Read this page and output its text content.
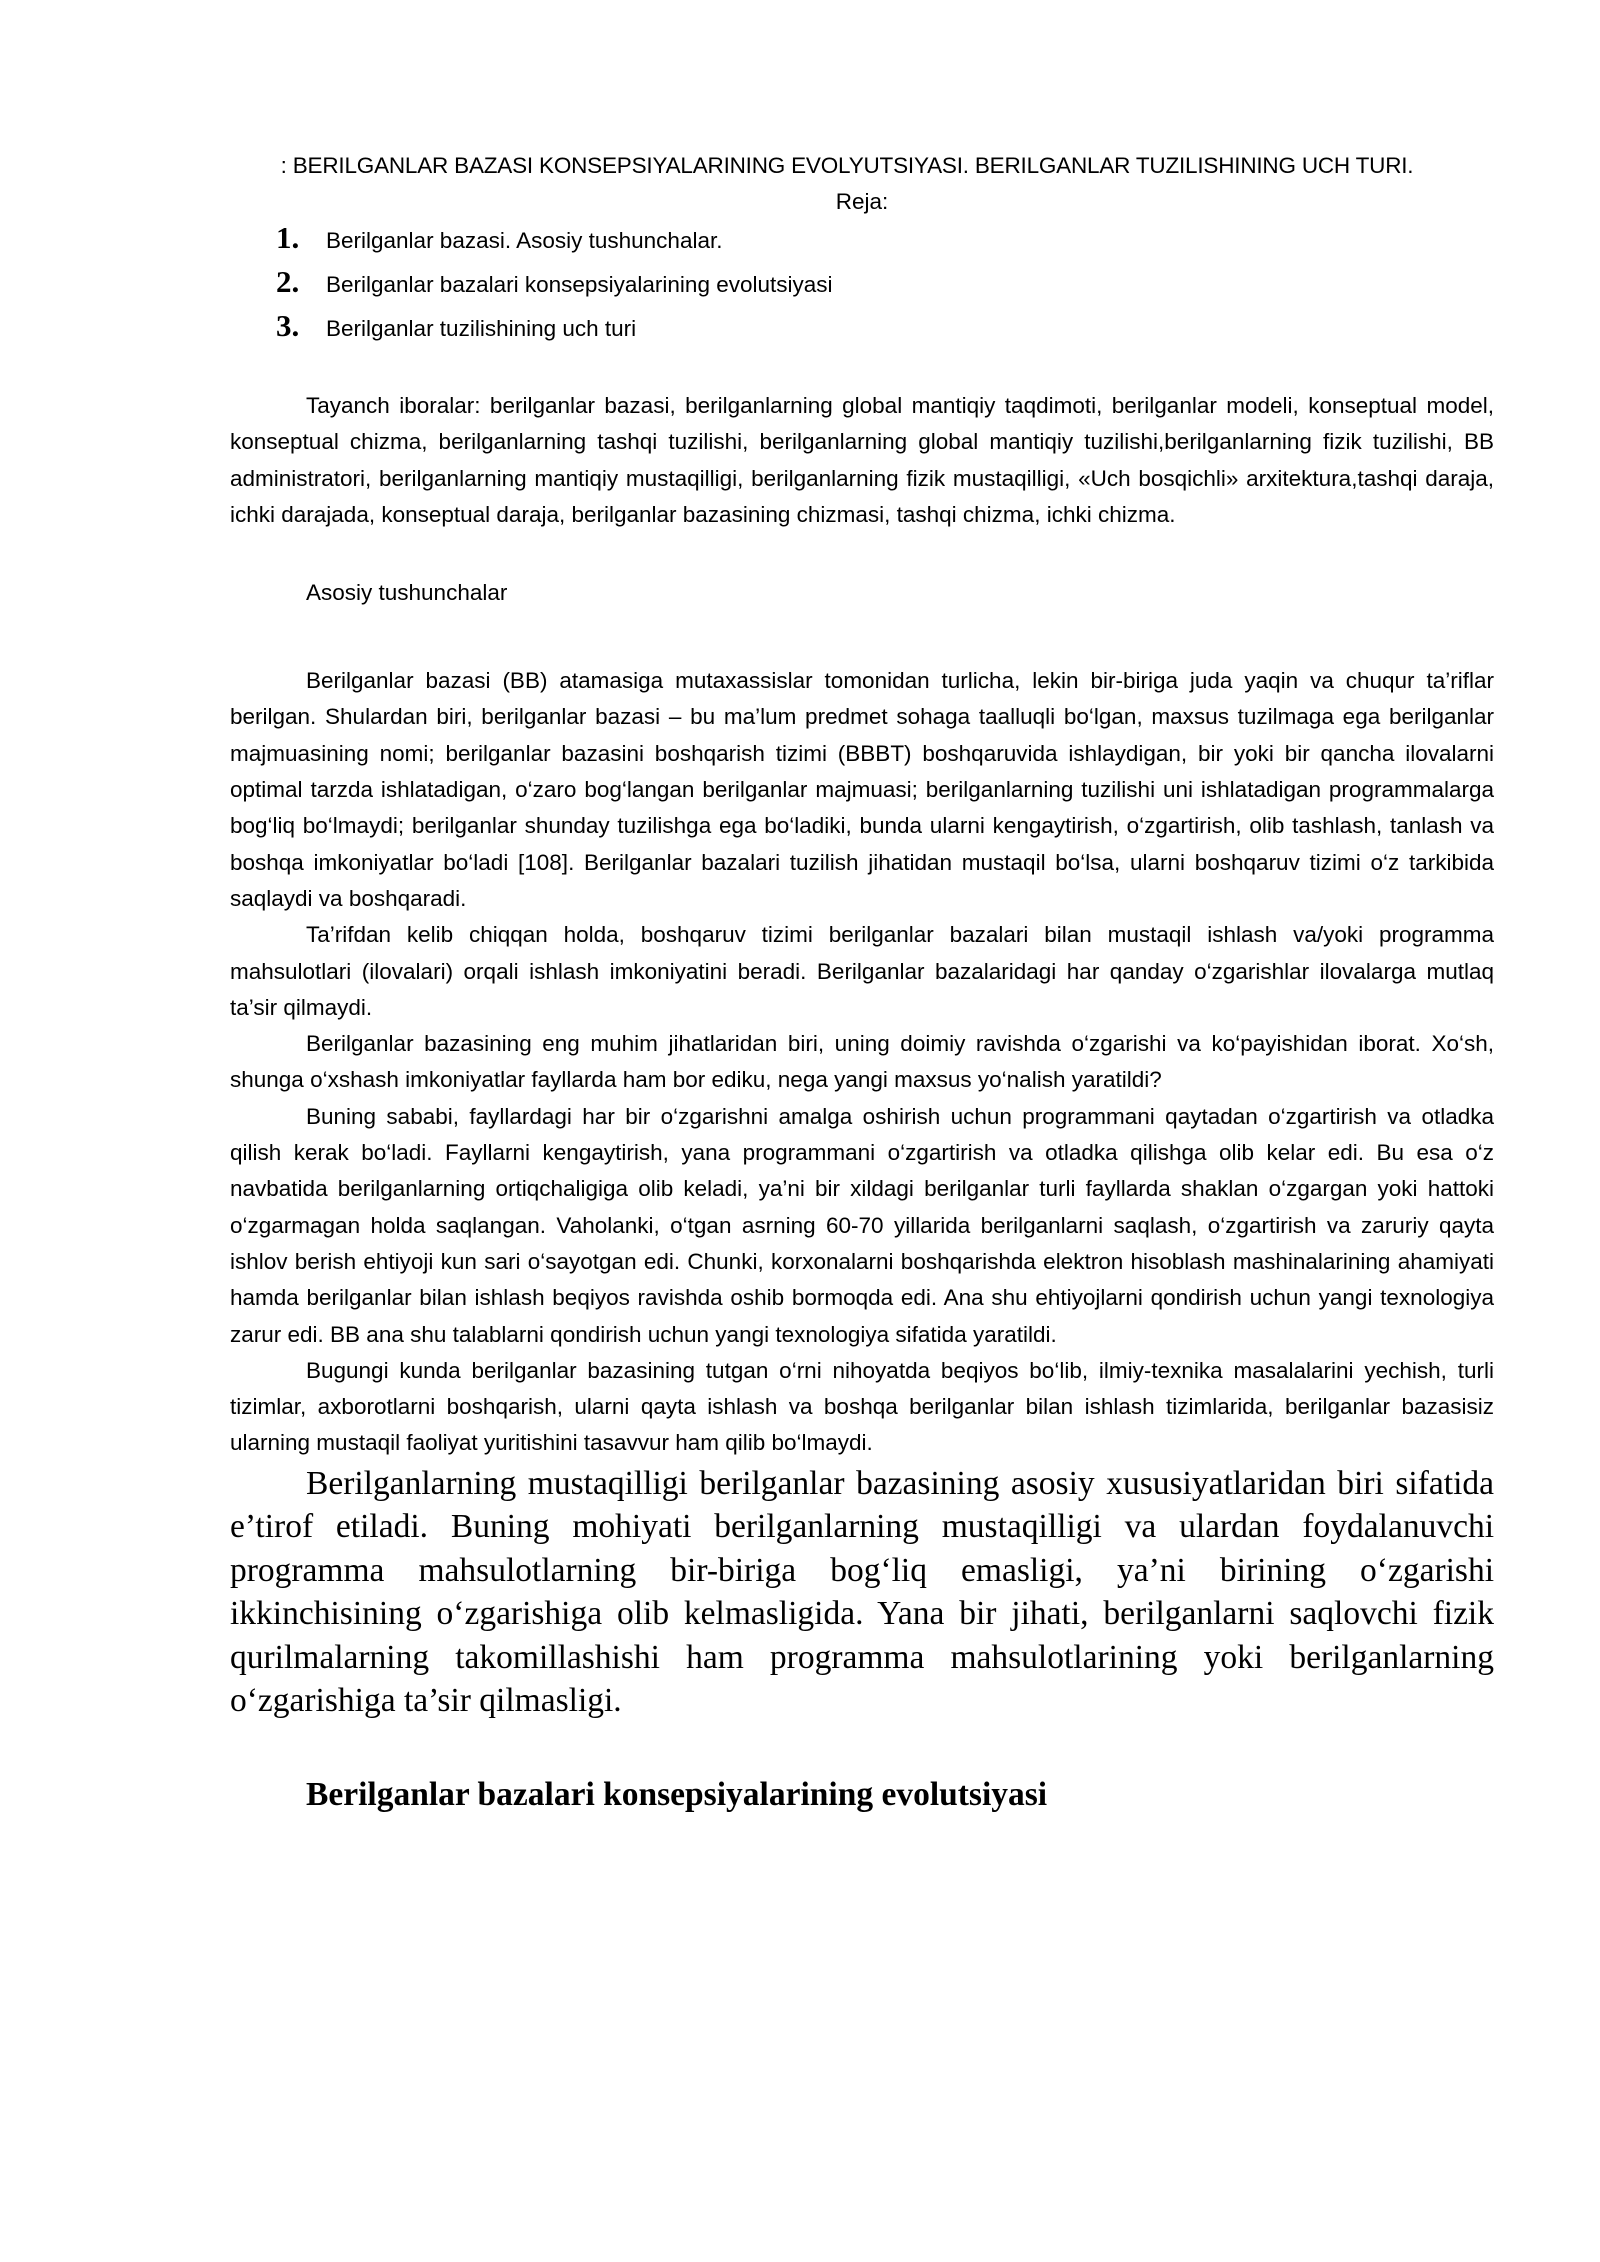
: BERILGANLAR BAZASI KONSEPSIYALARINING EVOLYUTSIYASI. BERILGANLAR TUZILISHINING UCH TURI.
Reja:
1.	Berilganlar bazasi. Asosiy tushunchalar.
2.	Berilganlar bazalari konsepsiyalarining evolutsiyasi
3.	Berilganlar tuzilishining uch turi

Tayanch iboralar: berilganlar bazasi, berilganlarning global mantiqiy taqdimoti, berilganlar modeli, konseptual model, konseptual chizma, berilganlarning tashqi tuzilishi, berilganlarning global mantiqiy tuzilishi,berilganlarning fizik tuzilishi, BB administratori, berilganlarning mantiqiy mustaqilligi, berilganlarning fizik mustaqilligi, «Uch bosqichli» arxitektura,tashqi daraja, ichki darajada, konseptual daraja, berilganlar bazasining chizmasi, tashqi chizma, ichki chizma.

Asosiy tushunchalar

Berilganlar bazasi (BB) atamasiga mutaxassislar tomonidan turlicha, lekin bir-biriga juda yaqin va chuqur ta’riflar berilgan. Shulardan biri, berilganlar bazasi – bu ma’lum predmet sohaga taalluqli bo‘lgan, maxsus tuzilmaga ega berilganlar majmuasining nomi; berilganlar bazasini boshqarish tizimi (BBBT) boshqaruvida ishlaydigan, bir yoki bir qancha ilovalarni optimal tarzda ishlatadigan, o‘zaro bog‘langan berilganlar majmuasi; berilganlarning tuzilishi uni ishlatadigan programmalarga bog‘liq bo‘lmaydi; berilganlar shunday tuzilishga ega bo‘ladiki, bunda ularni kengaytirish, o‘zgartirish, olib tashlash, tanlash va boshqa imkoniyatlar bo‘ladi [108]. Berilganlar bazalari tuzilish jihatidan mustaqil bo‘lsa, ularni boshqaruv tizimi o‘z tarkibida saqlaydi va boshqaradi.

Ta’rifdan kelib chiqqan holda, boshqaruv tizimi berilganlar bazalari bilan mustaqil ishlash va/yoki programma mahsulotlari (ilovalari) orqali ishlash imkoniyatini beradi. Berilganlar bazalaridagi har qanday o‘zgarishlar ilovalarga mutlaq ta’sir qilmaydi.

Berilganlar bazasining eng muhim jihatlaridan biri, uning doimiy ravishda o‘zgarishi va ko‘payishidan iborat. Xo‘sh, shunga o‘xshash imkoniyatlar fayllarda ham bor ediku, nega yangi maxsus yo‘nalish yaratildi?

Buning sababi, fayllardagi har bir o‘zgarishni amalga oshirish uchun programmani qaytadan o‘zgartirish va otladka qilish kerak bo‘ladi. Fayllarni kengaytirish, yana programmani o‘zgartirish va otladka qilishga olib kelar edi. Bu esa o‘z navbatida berilganlarning ortiqchaligiga olib keladi, ya’ni bir xildagi berilganlar turli fayllarda shaklan o‘zgargan yoki hattoki o‘zgarmagan holda saqlangan. Vaholanki, o‘tgan asrning 60-70 yillarida berilganlarni saqlash, o‘zgartirish va zaruriy qayta ishlov berish ehtiyoji kun sari o‘sayotgan edi. Chunki, korxonalarni boshqarishda elektron hisoblash mashinalarining ahamiyati hamda berilganlar bilan ishlash beqiyos ravishda oshib bormoqda edi. Ana shu ehtiyojlarni qondirish uchun yangi texnologiya zarur edi. BB ana shu talablarni qondirish uchun yangi texnologiya sifatida yaratildi.

Bugungi kunda berilganlar bazasining tutgan o‘rni nihoyatda beqiyos bo‘lib, ilmiy-texnika masalalarini yechish, turli tizimlar, axborotlarni boshqarish, ularni qayta ishlash va boshqa berilganlar bilan ishlash tizimlarida, berilganlar bazasisiz ularning mustaqil faoliyat yuritishini tasavvur ham qilib bo‘lmaydi.

Berilganlarning mustaqilligi berilganlar bazasining asosiy xususiyatlaridan biri sifatida e’tirof etiladi. Buning mohiyati berilganlarning mustaqilligi va ulardan foydalanuvchi programma mahsulotlarning bir-biriga bog‘liq emasligi, ya’ni birining o‘zgarishi ikkinchisining o‘zgarishiga olib kelmasligida. Yana bir jihati, berilganlarni saqlovchi fizik qurilmalarning takomillashishi ham programma mahsulotlarining yoki berilganlarning o‘zgarishiga ta’sir qilmasligi.

Berilganlar bazalari konsepsiyalarining evolutsiyasi
